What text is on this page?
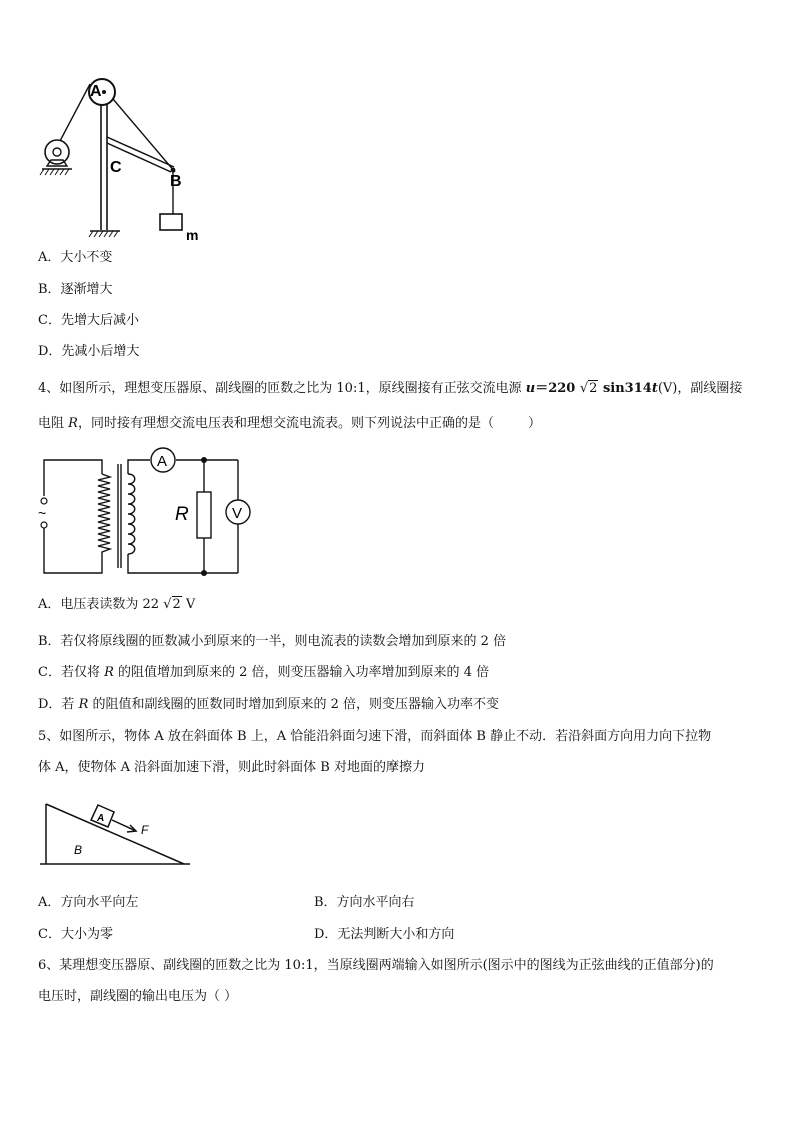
A
C
B
m
A．大小不变
B．逐渐增大
C．先增大后减小
D．先减小后增大
4、如图所示，理想变压器原、副线圈的匝数之比为 10:1，原线圈接有正弦交流电源 u＝220 √2 sin314t(V)，副线圈接
电阻 R，同时接有理想交流电压表和理想交流电流表。则下列说法中正确的是（	）
~
A
V
R
A．电压表读数为 22 √2 V
B．若仅将原线圈的匝数减小到原来的一半，则电流表的读数会增加到原来的 2 倍
C．若仅将 R 的阻值增加到原来的 2 倍，则变压器输入功率增加到原来的 4 倍
D．若 R 的阻值和副线圈的匝数同时增加到原来的 2 倍，则变压器输入功率不变
5、如图所示，物体 A 放在斜面体 B 上，A 恰能沿斜面匀速下滑，而斜面体 B 静止不动．若沿斜面方向用力向下拉物
体 A，使物体 A 沿斜面加速下滑，则此时斜面体 B 对地面的摩擦力
A
F
B
A．方向水平向左	B．方向水平向右
C．大小为零	D．无法判断大小和方向
6、某理想变压器原、副线圈的匝数之比为 10:1，当原线圈两端输入如图所示(图示中的图线为正弦曲线的正值部分)的
电压时，副线圈的输出电压为（ ）
